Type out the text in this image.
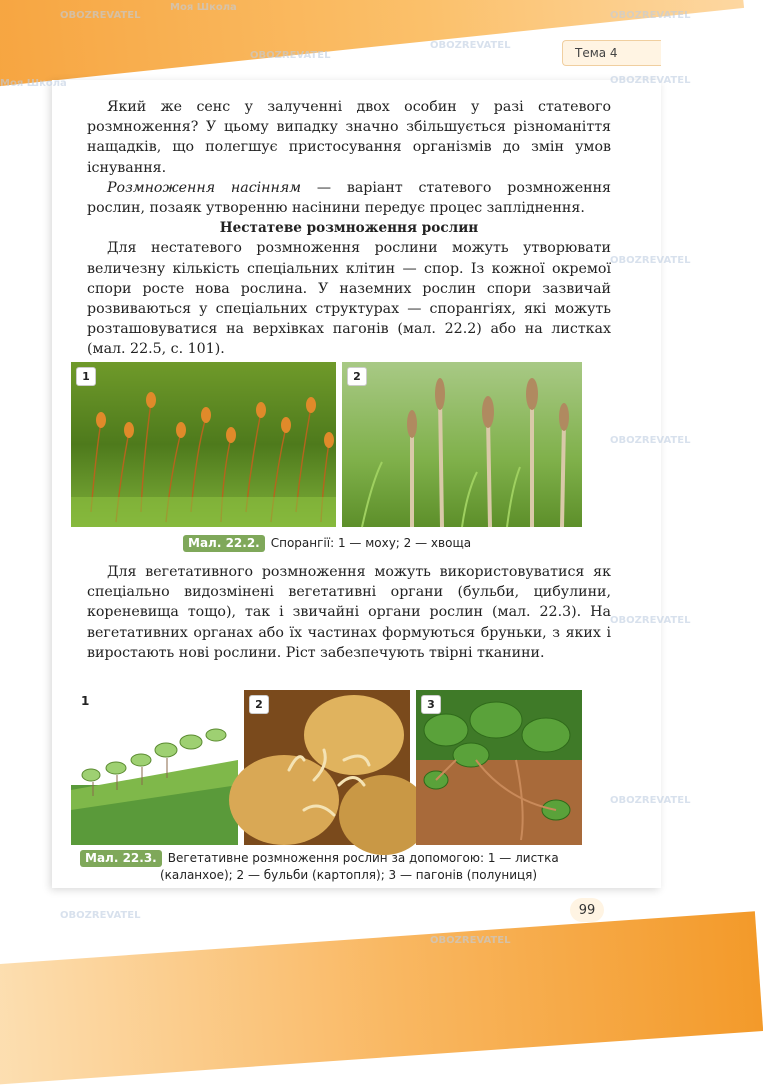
Тема 4

Який же сенс у залученні двох особин у разі статевого розмноження? У цьому випадку значно збільшується різноманіття нащадків, що полегшує пристосування організмів до змін умов існування.

Розмноження насінням — варіант статевого розмноження рослин, позаяк утворенню насінини передує процес запліднення.

Нестатеве розмноження рослин

Для нестатевого розмноження рослини можуть утворювати величезну кількість спеціальних клітин — спор. Із кожної окремої спори росте нова рослина. У наземних рослин спори зазвичай розвиваються у спеціальних структурах — спорангіях, які можуть розташовуватися на верхівках пагонів (мал. 22.2) або на листках (мал. 22.5, с. 101).

1	2
Мал. 22.2. Спорангії: 1 — моху; 2 — хвоща

Для вегетативного розмноження можуть використовуватися як спеціально видозмінені вегетативні органи (бульби, цибулини, кореневища тощо), так і звичайні органи рослин (мал. 22.3). На вегетативних органах або їх частинах формуються бруньки, з яких і виростають нові рослини. Ріст забезпечують твірні тканини.

1	2	3
Мал. 22.3. Вегетативне розмноження рослин за допомогою: 1 — листка
(каланхое); 2 — бульби (картопля); 3 — пагонів (полуниця)
99
Моя Школа
OBOZREVATEL
OBOZREVATEL
OBOZREVATEL
OBOZREVATEL
Моя Школа	OBOZREVATEL
OBOZREVATEL
OBOZREVATEL
OBOZREVATEL
OBOZREVATEL
OBOZREVATEL
OBOZREVATEL
